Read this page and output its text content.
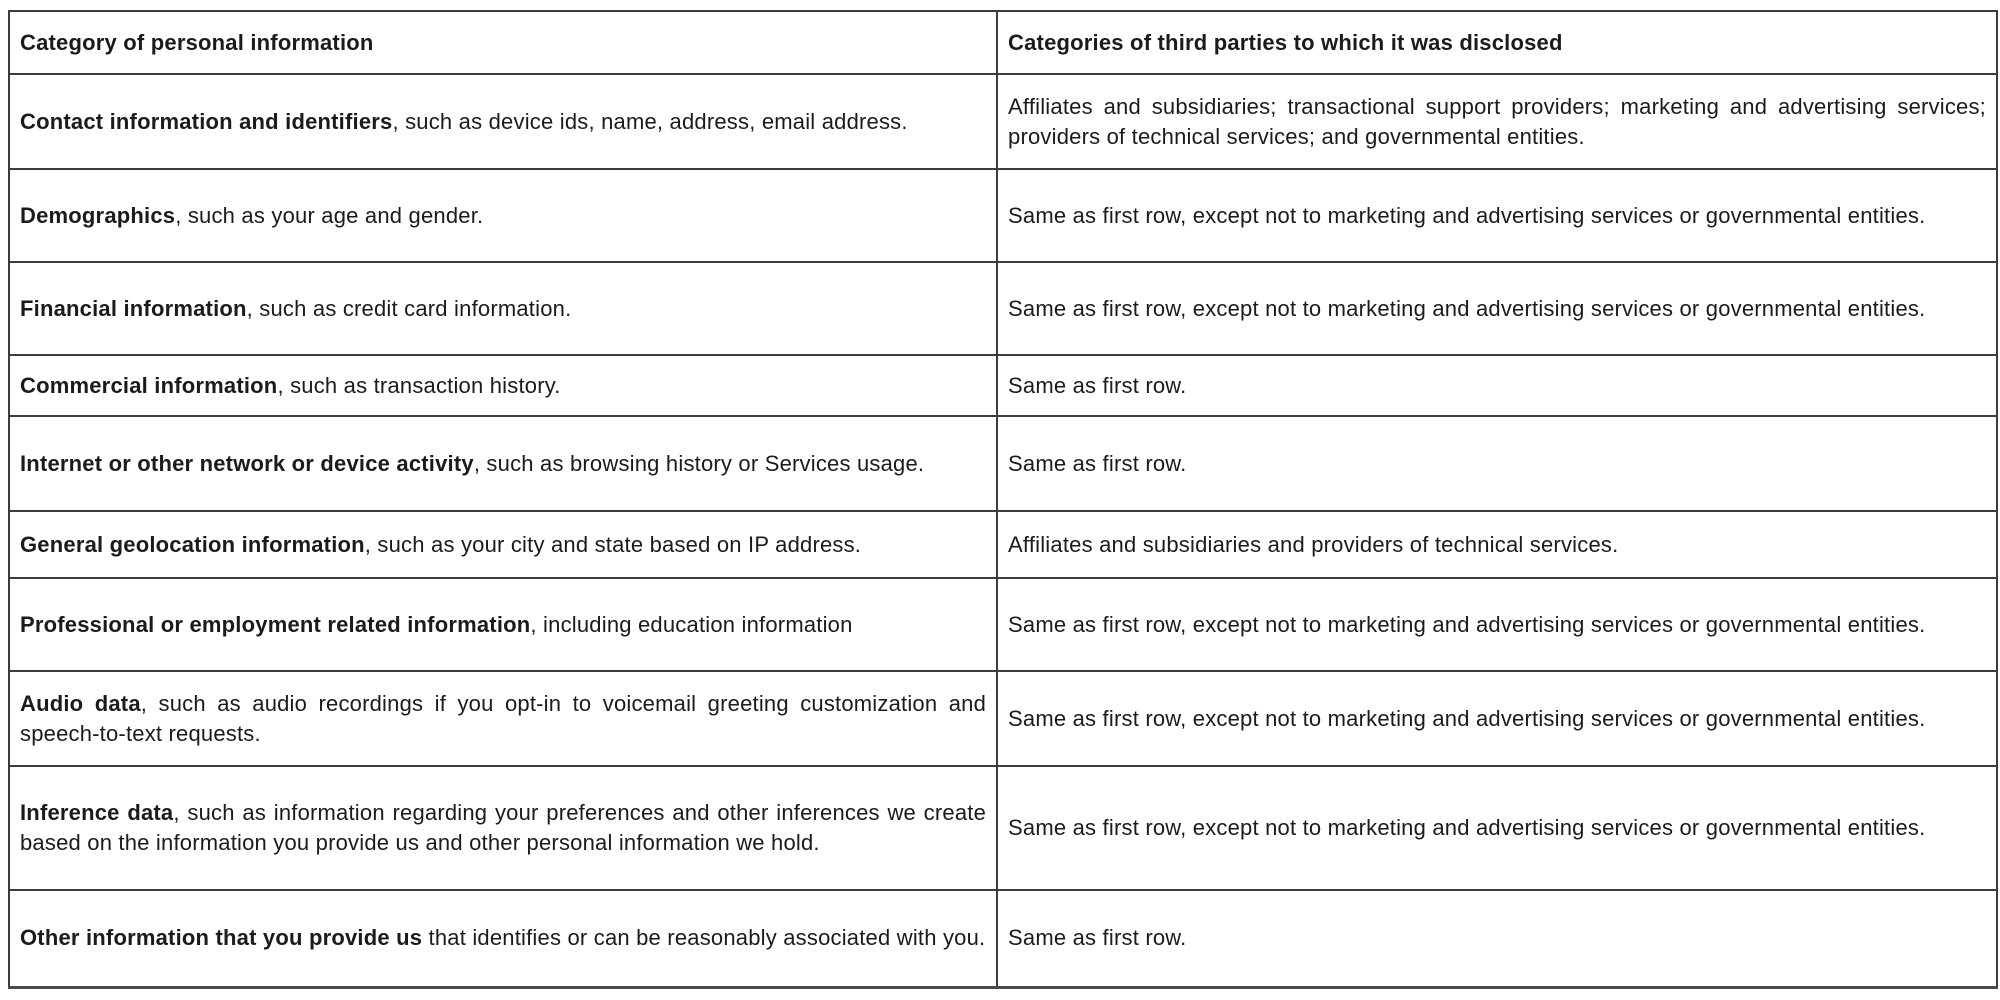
Category of personal information	Categories of third parties to which it was disclosed
Contact information and identifiers, such as device ids, name, address, email address.	Affiliates and subsidiaries; transactional support providers; marketing and advertising services; providers of technical services; and governmental entities.
Demographics, such as your age and gender.	Same as first row, except not to marketing and advertising services or governmental entities.
Financial information, such as credit card information.	Same as first row, except not to marketing and advertising services or governmental entities.
Commercial information, such as transaction history.	Same as first row.
Internet or other network or device activity, such as browsing history or Services usage.	Same as first row.
General geolocation information, such as your city and state based on IP address.	Affiliates and subsidiaries and providers of technical services.
Professional or employment related information, including education information	Same as first row, except not to marketing and advertising services or governmental entities.
Audio data, such as audio recordings if you opt-in to voicemail greeting customization and speech-to-text requests.	Same as first row, except not to marketing and advertising services or governmental entities.
Inference data, such as information regarding your preferences and other inferences we create based on the information you provide us and other personal information we hold.	Same as first row, except not to marketing and advertising services or governmental entities.
Other information that you provide us that identifies or can be reasonably associated with you.	Same as first row.
